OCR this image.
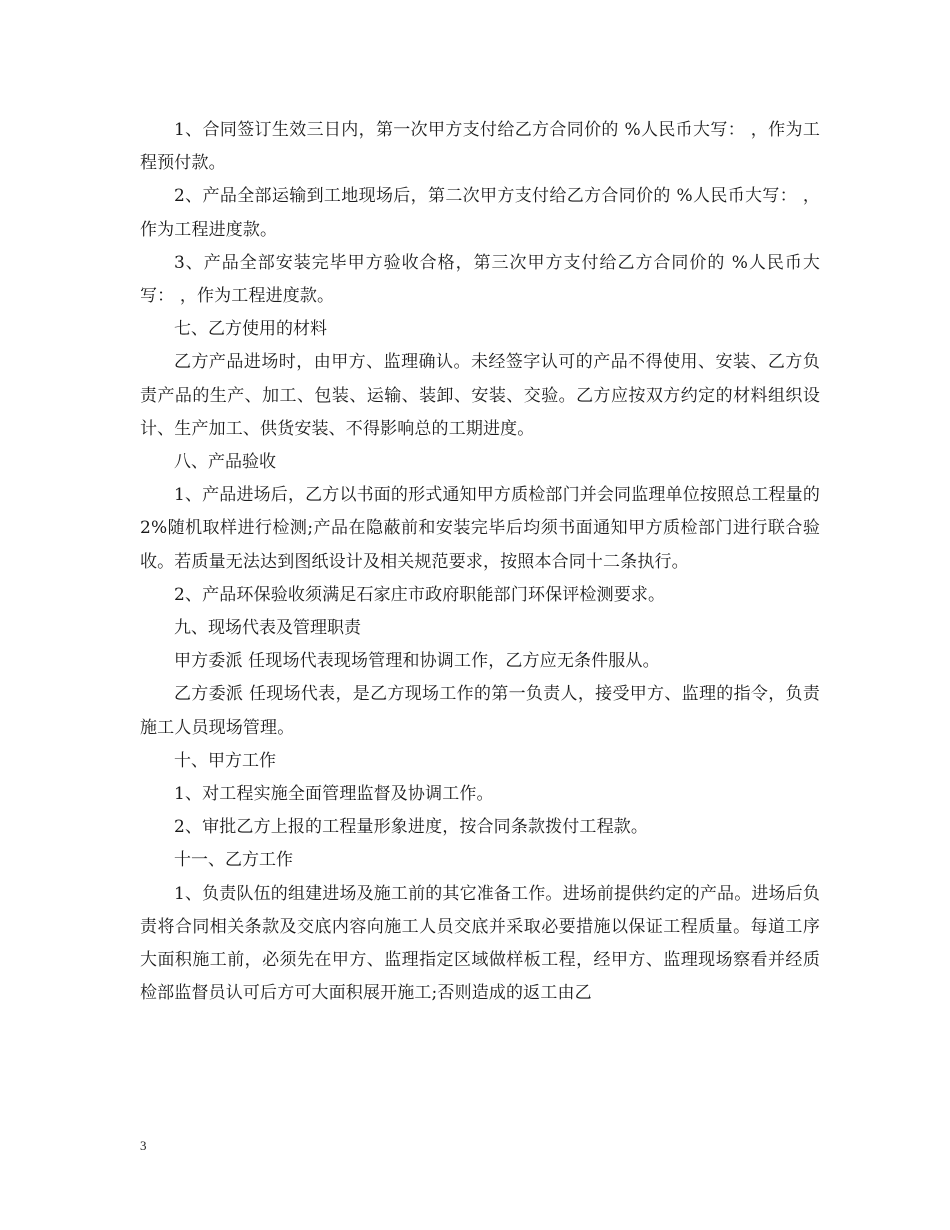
1、合同签订生效三日内，第一次甲方支付给乙方合同价的 %人民币大写： ，作为工程预付款。

2、产品全部运输到工地现场后，第二次甲方支付给乙方合同价的 %人民币大写： ，作为工程进度款。

3、产品全部安装完毕甲方验收合格，第三次甲方支付给乙方合同价的 %人民币大写： ，作为工程进度款。

七、乙方使用的材料

乙方产品进场时，由甲方、监理确认。未经签字认可的产品不得使用、安装、乙方负责产品的生产、加工、包装、运输、装卸、安装、交验。乙方应按双方约定的材料组织设计、生产加工、供货安装、不得影响总的工期进度。

八、产品验收

1、产品进场后，乙方以书面的形式通知甲方质检部门并会同监理单位按照总工程量的 2%随机取样进行检测;产品在隐蔽前和安装完毕后均须书面通知甲方质检部门进行联合验收。若质量无法达到图纸设计及相关规范要求，按照本合同十二条执行。

2、产品环保验收须满足石家庄市政府职能部门环保评检测要求。

九、现场代表及管理职责

甲方委派 任现场代表现场管理和协调工作，乙方应无条件服从。

乙方委派 任现场代表，是乙方现场工作的第一负责人，接受甲方、监理的指令，负责施工人员现场管理。

十、甲方工作

1、对工程实施全面管理监督及协调工作。

2、审批乙方上报的工程量形象进度，按合同条款拨付工程款。

十一、乙方工作

1、负责队伍的组建进场及施工前的其它准备工作。进场前提供约定的产品。进场后负责将合同相关条款及交底内容向施工人员交底并采取必要措施以保证工程质量。每道工序大面积施工前，必须先在甲方、监理指定区域做样板工程，经甲方、监理现场察看并经质检部监督员认可后方可大面积展开施工;否则造成的返工由乙

3
